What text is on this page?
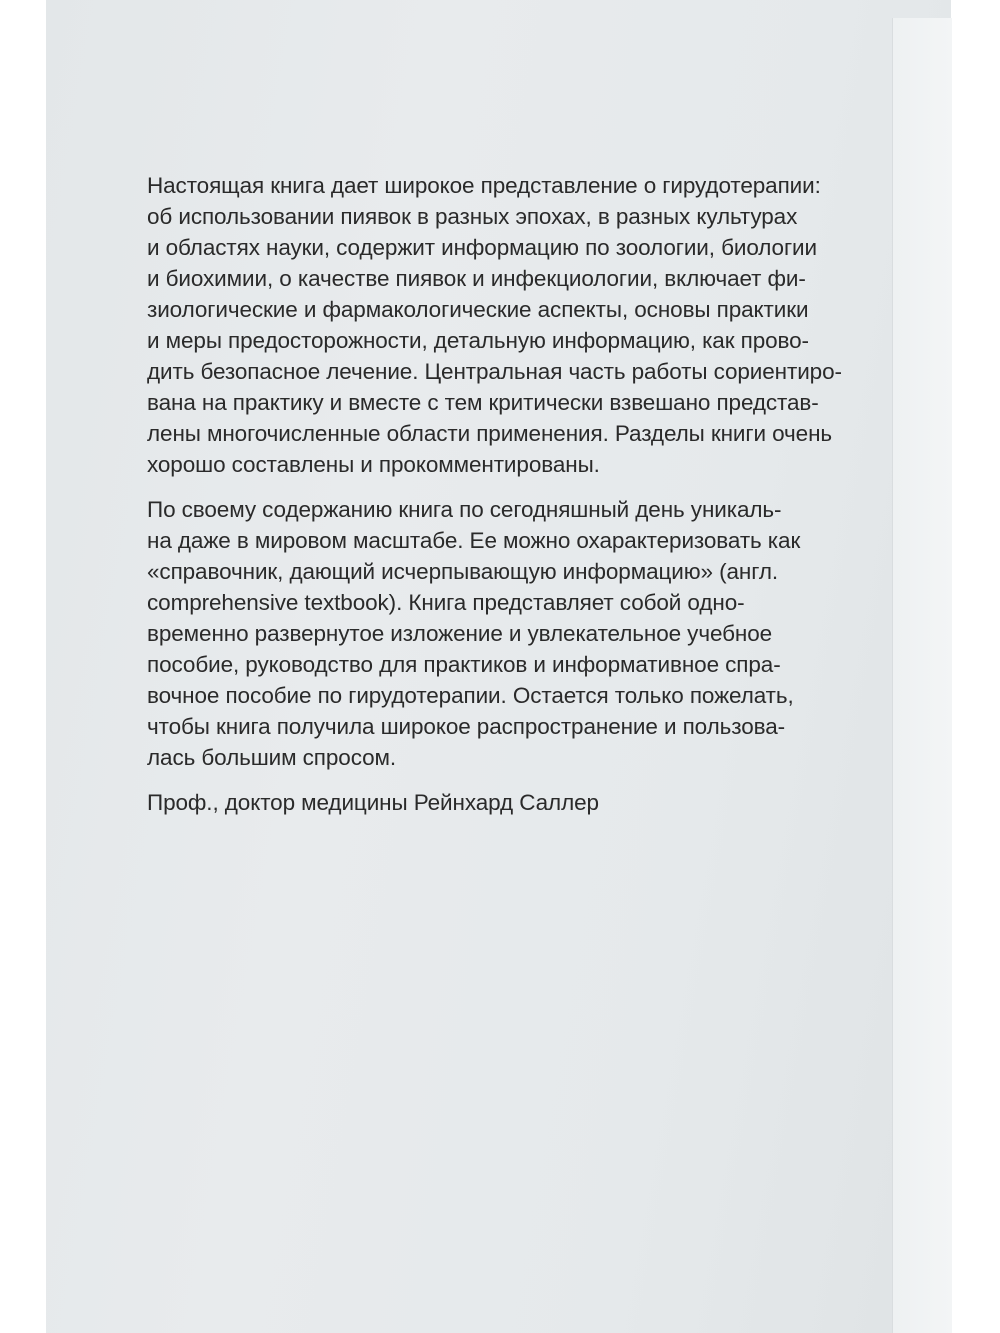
Настоящая книга дает широкое представление о гирудотерапии:
об использовании пиявок в разных эпохах, в разных культурах
и областях науки, содержит информацию по зоологии, биологии
и биохимии, о качестве пиявок и инфекциологии, включает фи-
зиологические и фармакологические аспекты, основы практики
и меры предосторожности, детальную информацию, как прово-
дить безопасное лечение. Центральная часть работы сориентиро-
вана на практику и вместе с тем критически взвешано представ-
лены многочисленные области применения. Разделы книги очень
хорошо составлены и прокомментированы.

По своему содержанию книга по сегодняшный день уникаль-
на даже в мировом масштабе. Ее можно охарактеризовать как
«справочник, дающий исчерпывающую информацию» (англ.
comprehensive textbook). Книга представляет собой одно-
временно развернутое изложение и увлекательное учебное
пособие, руководство для практиков и информативное спра-
вочное пособие по гирудотерапии. Остается только пожелать,
чтобы книга получила широкое распространение и пользова-
лась большим спросом.

Проф., доктор медицины Рейнхард Саллер
